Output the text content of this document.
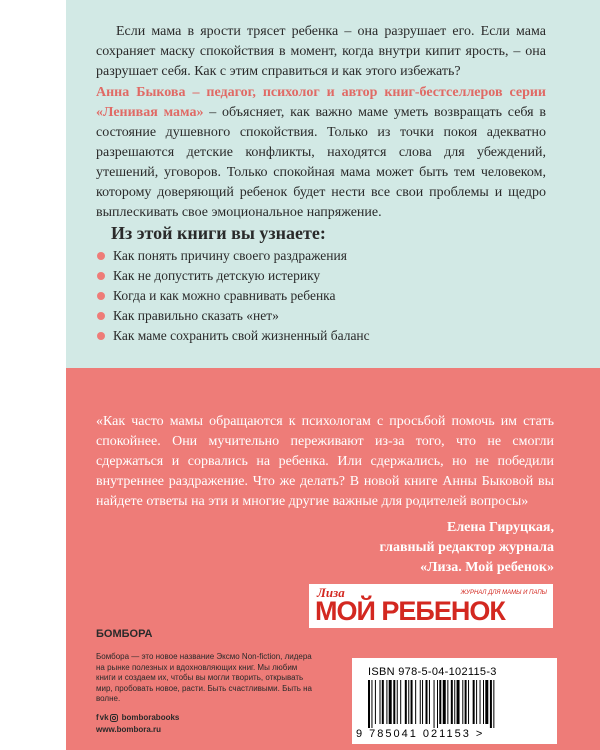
Если мама в ярости трясет ребенка – она разрушает его. Если мама сохраняет маску спокойствия в момент, когда внутри кипит ярость, – она разрушает себя. Как с этим справиться и как этого избежать?

Анна Быкова – педагог, психолог и автор книг-бестселлеров серии «Ленивая мама» – объясняет, как важно маме уметь возвращать себя в состояние душевного спокойствия. Только из точки покоя адекватно разрешаются детские конфликты, находятся слова для убеждений, утешений, уговоров. Только спокойная мама может быть тем человеком, которому доверяющий ребенок будет нести все свои проблемы и щедро выплескивать свое эмоциональное напряжение.

Из этой книги вы узнаете:
Как понять причину своего раздражения
Как не допустить детскую истерику
Когда и как можно сравнивать ребенка
Как правильно сказать «нет»
Как маме сохранить свой жизненный баланс

«Как часто мамы обращаются к психологам с просьбой помочь им стать спокойнее. Они мучительно переживают из-за того, что не смогли сдержаться и сорвались на ребенка. Или сдержались, но не победили внутреннее раздражение. Что же делать? В новой книге Анны Быковой вы найдете ответы на эти и многие другие важные для родителей вопросы»

Елена Гируцкая,
главный редактор журнала
«Лиза. Мой ребенок»
Лиза
МОЙ РЕБЕНОК
ЖУРНАЛ ДЛЯ МАМЫ И ПАПЫ
БОМБОРА

Бомбора — это новое название Эксмо Non-fiction, лидера на рынке полезных и вдохновляющих книг. Мы любим книги и создаем их, чтобы вы могли творить, открывать мир, пробовать новое, расти. Быть счастливыми. Быть на волне.

f vk bomborabooks
www.bombora.ru
ISBN 978-5-04-102115-3
9 785041 021153 >
